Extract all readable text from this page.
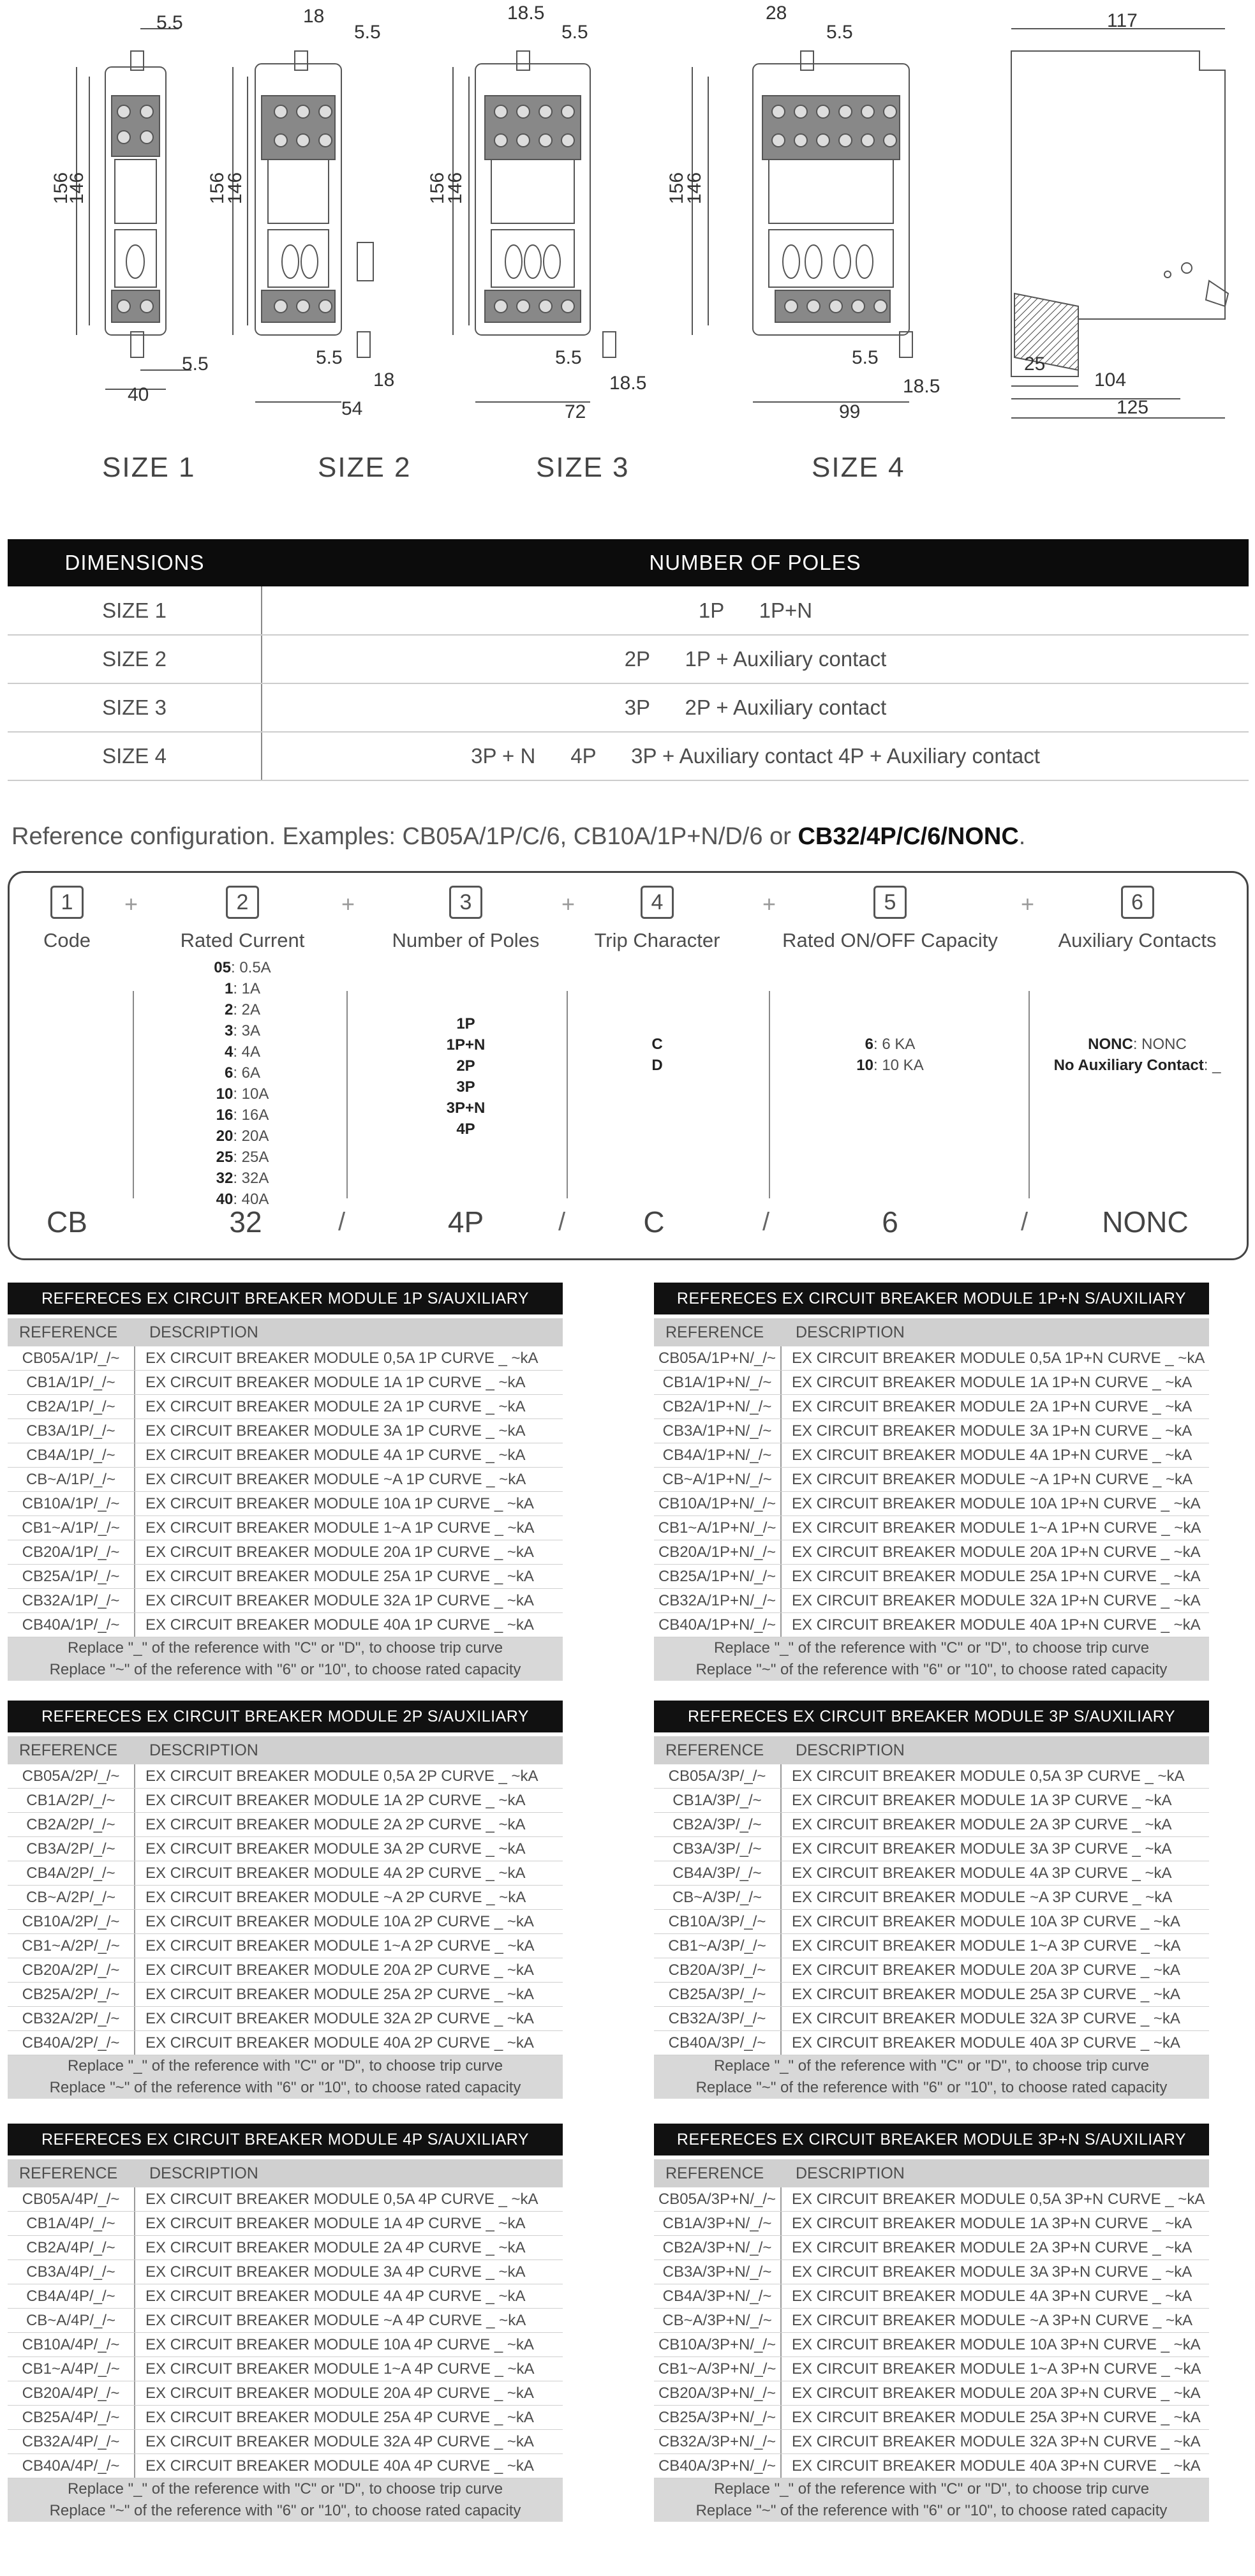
5.5
156
146
5.5
40
18
5.5
156
146
5.5
18
54
18.5
5.5
156
146
5.5
18.5
72
28
5.5
156
146
5.5
18.5
99
117
25
104
125
SIZE 1	SIZE 2	SIZE 3	SIZE 4
DIMENSIONS	NUMBER OF POLES
SIZE 1	1P      1P+N
SIZE 2	2P      1P + Auxiliary contact
SIZE 3	3P      2P + Auxiliary contact
SIZE 4	3P + N      4P      3P + Auxiliary contact 4P + Auxiliary contact
Reference configuration. Examples: CB05A/1P/C/6, CB10A/1P+N/D/6 or CB32/4P/C/6/NONC.
1
Code
+	2
Rated Current
05: 0.5A
1: 1A
2: 2A
3: 3A
4: 4A
6: 6A
10: 10A
16: 16A
20: 20A
25: 25A
32: 32A
40: 40A
+	3
Number of Poles
1P
1P+N
2P
3P
3P+N
4P
+	4
Trip Character
C
D
+	5
Rated ON/OFF Capacity
6: 6 KA
10: 10 KA
+	6
Auxiliary Contacts
NONC: NONC
No Auxiliary Contact: _
CB	32	/	4P	/	C	/	6	/	NONC
REFERECES EX CIRCUIT BREAKER MODULE 1P S/AUXILIARY
REFERENCE	DESCRIPTION
CB05A/1P/_/~	EX CIRCUIT BREAKER MODULE 0,5A 1P CURVE _ ~kA
CB1A/1P/_/~	EX CIRCUIT BREAKER MODULE 1A 1P CURVE _ ~kA
CB2A/1P/_/~	EX CIRCUIT BREAKER MODULE 2A 1P CURVE _ ~kA
CB3A/1P/_/~	EX CIRCUIT BREAKER MODULE 3A 1P CURVE _ ~kA
CB4A/1P/_/~	EX CIRCUIT BREAKER MODULE 4A 1P CURVE _ ~kA
CB~A/1P/_/~	EX CIRCUIT BREAKER MODULE ~A 1P CURVE _ ~kA
CB10A/1P/_/~	EX CIRCUIT BREAKER MODULE 10A 1P CURVE _ ~kA
CB1~A/1P/_/~	EX CIRCUIT BREAKER MODULE 1~A 1P CURVE _ ~kA
CB20A/1P/_/~	EX CIRCUIT BREAKER MODULE 20A 1P CURVE _ ~kA
CB25A/1P/_/~	EX CIRCUIT BREAKER MODULE 25A 1P CURVE _ ~kA
CB32A/1P/_/~	EX CIRCUIT BREAKER MODULE 32A 1P CURVE _ ~kA
CB40A/1P/_/~	EX CIRCUIT BREAKER MODULE 40A 1P CURVE _ ~kA
Replace "_" of the reference with "C" or "D", to choose trip curve
Replace "~" of the reference with "6" or "10", to choose rated capacity
REFERECES EX CIRCUIT BREAKER MODULE 1P+N S/AUXILIARY
REFERENCE	DESCRIPTION
CB05A/1P+N/_/~	EX CIRCUIT BREAKER MODULE 0,5A 1P+N CURVE _ ~kA
CB1A/1P+N/_/~	EX CIRCUIT BREAKER MODULE 1A 1P+N CURVE _ ~kA
CB2A/1P+N/_/~	EX CIRCUIT BREAKER MODULE 2A 1P+N CURVE _ ~kA
CB3A/1P+N/_/~	EX CIRCUIT BREAKER MODULE 3A 1P+N CURVE _ ~kA
CB4A/1P+N/_/~	EX CIRCUIT BREAKER MODULE 4A 1P+N CURVE _ ~kA
CB~A/1P+N/_/~	EX CIRCUIT BREAKER MODULE ~A 1P+N CURVE _ ~kA
CB10A/1P+N/_/~	EX CIRCUIT BREAKER MODULE 10A 1P+N CURVE _ ~kA
CB1~A/1P+N/_/~	EX CIRCUIT BREAKER MODULE 1~A 1P+N CURVE _ ~kA
CB20A/1P+N/_/~	EX CIRCUIT BREAKER MODULE 20A 1P+N CURVE _ ~kA
CB25A/1P+N/_/~	EX CIRCUIT BREAKER MODULE 25A 1P+N CURVE _ ~kA
CB32A/1P+N/_/~	EX CIRCUIT BREAKER MODULE 32A 1P+N CURVE _ ~kA
CB40A/1P+N/_/~	EX CIRCUIT BREAKER MODULE 40A 1P+N CURVE _ ~kA
Replace "_" of the reference with "C" or "D", to choose trip curve
Replace "~" of the reference with "6" or "10", to choose rated capacity
REFERECES EX CIRCUIT BREAKER MODULE 2P S/AUXILIARY
REFERENCE	DESCRIPTION
CB05A/2P/_/~	EX CIRCUIT BREAKER MODULE 0,5A 2P CURVE _ ~kA
CB1A/2P/_/~	EX CIRCUIT BREAKER MODULE 1A 2P CURVE _ ~kA
CB2A/2P/_/~	EX CIRCUIT BREAKER MODULE 2A 2P CURVE _ ~kA
CB3A/2P/_/~	EX CIRCUIT BREAKER MODULE 3A 2P CURVE _ ~kA
CB4A/2P/_/~	EX CIRCUIT BREAKER MODULE 4A 2P CURVE _ ~kA
CB~A/2P/_/~	EX CIRCUIT BREAKER MODULE ~A 2P CURVE _ ~kA
CB10A/2P/_/~	EX CIRCUIT BREAKER MODULE 10A 2P CURVE _ ~kA
CB1~A/2P/_/~	EX CIRCUIT BREAKER MODULE 1~A 2P CURVE _ ~kA
CB20A/2P/_/~	EX CIRCUIT BREAKER MODULE 20A 2P CURVE _ ~kA
CB25A/2P/_/~	EX CIRCUIT BREAKER MODULE 25A 2P CURVE _ ~kA
CB32A/2P/_/~	EX CIRCUIT BREAKER MODULE 32A 2P CURVE _ ~kA
CB40A/2P/_/~	EX CIRCUIT BREAKER MODULE 40A 2P CURVE _ ~kA
Replace "_" of the reference with "C" or "D", to choose trip curve
Replace "~" of the reference with "6" or "10", to choose rated capacity
REFERECES EX CIRCUIT BREAKER MODULE 3P S/AUXILIARY
REFERENCE	DESCRIPTION
CB05A/3P/_/~	EX CIRCUIT BREAKER MODULE 0,5A 3P CURVE _ ~kA
CB1A/3P/_/~	EX CIRCUIT BREAKER MODULE 1A 3P CURVE _ ~kA
CB2A/3P/_/~	EX CIRCUIT BREAKER MODULE 2A 3P CURVE _ ~kA
CB3A/3P/_/~	EX CIRCUIT BREAKER MODULE 3A 3P CURVE _ ~kA
CB4A/3P/_/~	EX CIRCUIT BREAKER MODULE 4A 3P CURVE _ ~kA
CB~A/3P/_/~	EX CIRCUIT BREAKER MODULE ~A 3P CURVE _ ~kA
CB10A/3P/_/~	EX CIRCUIT BREAKER MODULE 10A 3P CURVE _ ~kA
CB1~A/3P/_/~	EX CIRCUIT BREAKER MODULE 1~A 3P CURVE _ ~kA
CB20A/3P/_/~	EX CIRCUIT BREAKER MODULE 20A 3P CURVE _ ~kA
CB25A/3P/_/~	EX CIRCUIT BREAKER MODULE 25A 3P CURVE _ ~kA
CB32A/3P/_/~	EX CIRCUIT BREAKER MODULE 32A 3P CURVE _ ~kA
CB40A/3P/_/~	EX CIRCUIT BREAKER MODULE 40A 3P CURVE _ ~kA
Replace "_" of the reference with "C" or "D", to choose trip curve
Replace "~" of the reference with "6" or "10", to choose rated capacity
REFERECES EX CIRCUIT BREAKER MODULE 4P S/AUXILIARY
REFERENCE	DESCRIPTION
CB05A/4P/_/~	EX CIRCUIT BREAKER MODULE 0,5A 4P CURVE _ ~kA
CB1A/4P/_/~	EX CIRCUIT BREAKER MODULE 1A 4P CURVE _ ~kA
CB2A/4P/_/~	EX CIRCUIT BREAKER MODULE 2A 4P CURVE _ ~kA
CB3A/4P/_/~	EX CIRCUIT BREAKER MODULE 3A 4P CURVE _ ~kA
CB4A/4P/_/~	EX CIRCUIT BREAKER MODULE 4A 4P CURVE _ ~kA
CB~A/4P/_/~	EX CIRCUIT BREAKER MODULE ~A 4P CURVE _ ~kA
CB10A/4P/_/~	EX CIRCUIT BREAKER MODULE 10A 4P CURVE _ ~kA
CB1~A/4P/_/~	EX CIRCUIT BREAKER MODULE 1~A 4P CURVE _ ~kA
CB20A/4P/_/~	EX CIRCUIT BREAKER MODULE 20A 4P CURVE _ ~kA
CB25A/4P/_/~	EX CIRCUIT BREAKER MODULE 25A 4P CURVE _ ~kA
CB32A/4P/_/~	EX CIRCUIT BREAKER MODULE 32A 4P CURVE _ ~kA
CB40A/4P/_/~	EX CIRCUIT BREAKER MODULE 40A 4P CURVE _ ~kA
Replace "_" of the reference with "C" or "D", to choose trip curve
Replace "~" of the reference with "6" or "10", to choose rated capacity
REFERECES EX CIRCUIT BREAKER MODULE 3P+N S/AUXILIARY
REFERENCE	DESCRIPTION
CB05A/3P+N/_/~	EX CIRCUIT BREAKER MODULE 0,5A 3P+N CURVE _ ~kA
CB1A/3P+N/_/~	EX CIRCUIT BREAKER MODULE 1A 3P+N CURVE _ ~kA
CB2A/3P+N/_/~	EX CIRCUIT BREAKER MODULE 2A 3P+N CURVE _ ~kA
CB3A/3P+N/_/~	EX CIRCUIT BREAKER MODULE 3A 3P+N CURVE _ ~kA
CB4A/3P+N/_/~	EX CIRCUIT BREAKER MODULE 4A 3P+N CURVE _ ~kA
CB~A/3P+N/_/~	EX CIRCUIT BREAKER MODULE ~A 3P+N CURVE _ ~kA
CB10A/3P+N/_/~	EX CIRCUIT BREAKER MODULE 10A 3P+N CURVE _ ~kA
CB1~A/3P+N/_/~	EX CIRCUIT BREAKER MODULE 1~A 3P+N CURVE _ ~kA
CB20A/3P+N/_/~	EX CIRCUIT BREAKER MODULE 20A 3P+N CURVE _ ~kA
CB25A/3P+N/_/~	EX CIRCUIT BREAKER MODULE 25A 3P+N CURVE _ ~kA
CB32A/3P+N/_/~	EX CIRCUIT BREAKER MODULE 32A 3P+N CURVE _ ~kA
CB40A/3P+N/_/~	EX CIRCUIT BREAKER MODULE 40A 3P+N CURVE _ ~kA
Replace "_" of the reference with "C" or "D", to choose trip curve
Replace "~" of the reference with "6" or "10", to choose rated capacity
